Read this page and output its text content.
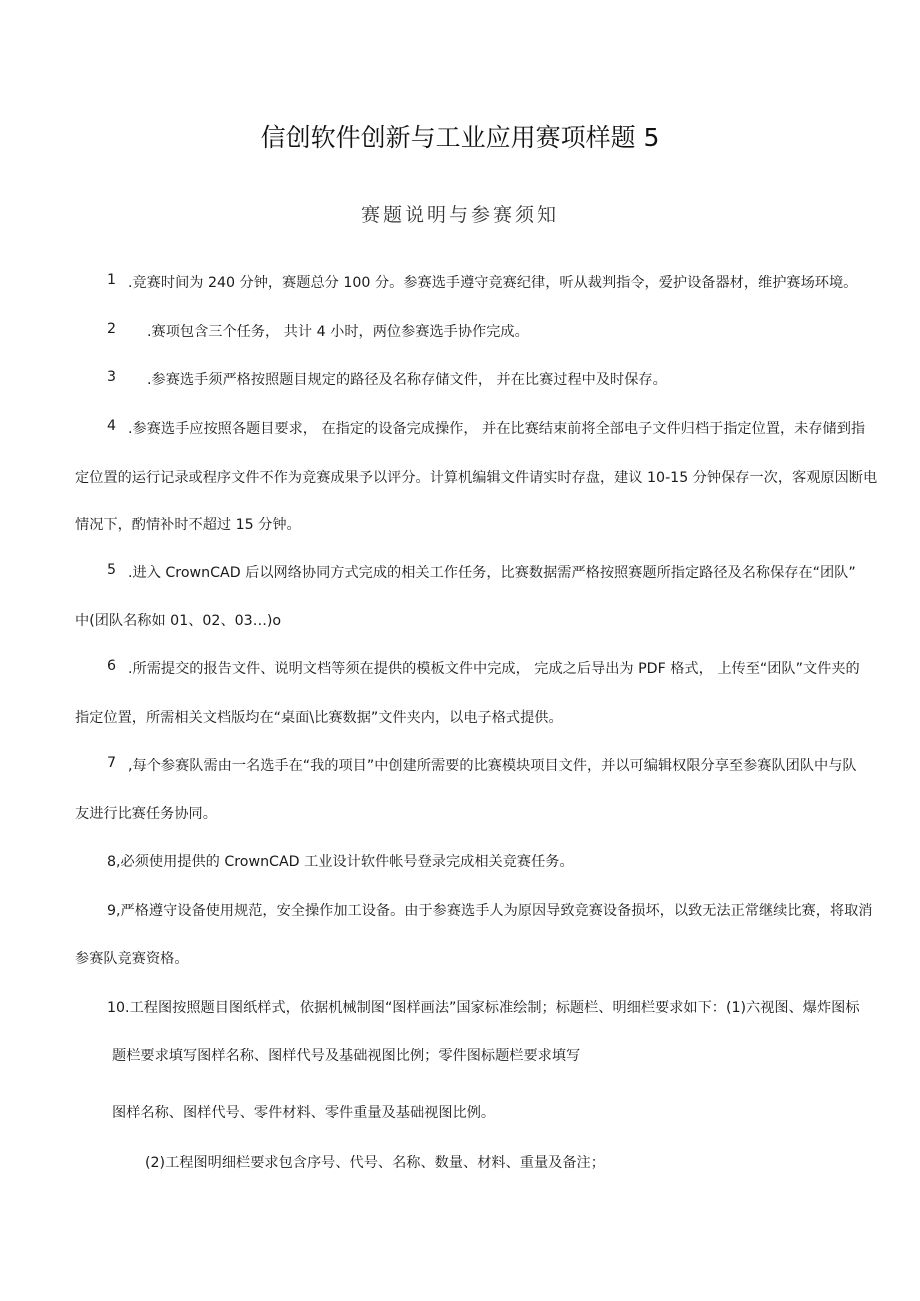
信创软件创新与工业应用赛项样题 5
赛题说明与参赛须知
1 .竞赛时间为 240 分钟，赛题总分 100 分。参赛选手遵守竞赛纪律，听从裁判指令，爱护设备器材，维护赛场环境。
2 .赛项包含三个任务， 共计 4 小时，两位参赛选手协作完成。
3 .参赛选手须严格按照题目规定的路径及名称存储文件， 并在比赛过程中及时保存。
4 .参赛选手应按照各题目要求， 在指定的设备完成操作， 并在比赛结束前将全部电子文件归档于指定位置，未存储到指
定位置的运行记录或程序文件不作为竞赛成果予以评分。计算机编辑文件请实时存盘，建议 10-15 分钟保存一次，客观原因断电
情况下，酌情补时不超过 15 分钟。
5 .进入 CrownCAD 后以网络协同方式完成的相关工作任务，比赛数据需严格按照赛题所指定路径及名称保存在“团队”
中(团队名称如 01、02、03…)o
6 .所需提交的报告文件、说明文档等须在提供的模板文件中完成， 完成之后导出为 PDF 格式， 上传至“团队”文件夹的
指定位置，所需相关文档版均在“桌面\比赛数据”文件夹内，以电子格式提供。
7 ,每个参赛队需由一名选手在“我的项目”中创建所需要的比赛模块项目文件，并以可编辑权限分享至参赛队团队中与队
友进行比赛任务协同。
8,必须使用提供的 CrownCAD 工业设计软件帐号登录完成相关竞赛任务。
9,严格遵守设备使用规范，安全操作加工设备。由于参赛选手人为原因导致竞赛设备损坏，以致无法正常继续比赛，将取消
参赛队竞赛资格。
10.工程图按照题目图纸样式，依据机械制图“图样画法”国家标准绘制；标题栏、明细栏要求如下：(1)六视图、爆炸图标
题栏要求填写图样名称、图样代号及基础视图比例；零件图标题栏要求填写
图样名称、图样代号、零件材料、零件重量及基础视图比例。
(2)工程图明细栏要求包含序号、代号、名称、数量、材料、重量及备注；
